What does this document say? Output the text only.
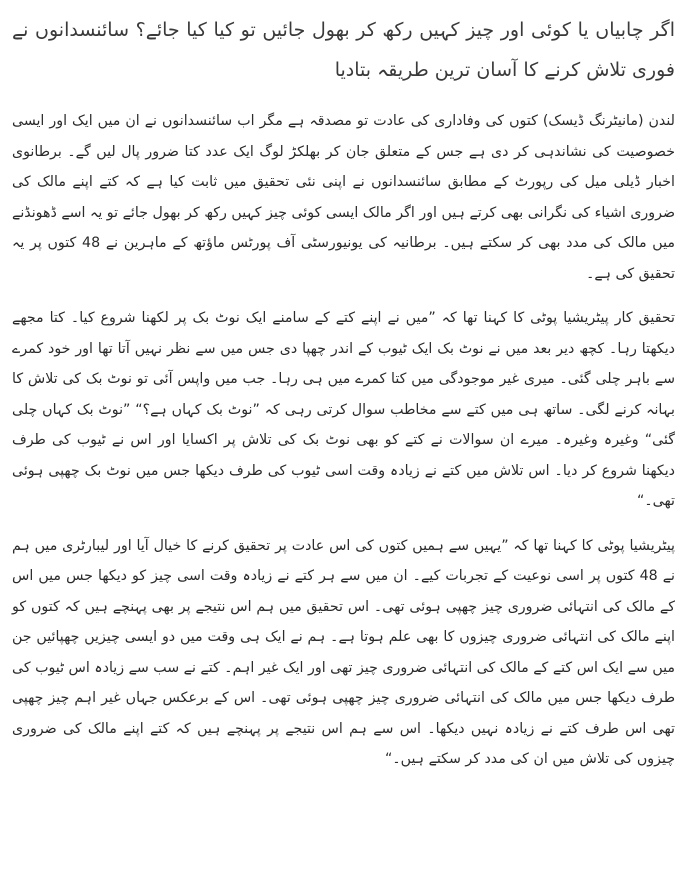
اگر چابیاں یا کوئی اور چیز کہیں رکھ کر بھول جائیں تو کیا کیا جائے؟ سائنسدانوں نے فوری تلاش کرنے کا آسان ترین طریقہ بتادیا

لندن (مانیٹرنگ ڈیسک) کتوں کی وفاداری کی عادت تو مصدقہ ہے مگر اب سائنسدانوں نے ان میں ایک اور ایسی خصوصیت کی نشاندہی کر دی ہے جس کے متعلق جان کر بھلکڑ لوگ ایک عدد کتا ضرور پال لیں گے۔ برطانوی اخبار ڈیلی میل کی رپورٹ کے مطابق سائنسدانوں نے اپنی نئی تحقیق میں ثابت کیا ہے کہ کتے اپنے مالک کی ضروری اشیاء کی نگرانی بھی کرتے ہیں اور اگر مالک ایسی کوئی چیز کہیں رکھ کر بھول جائے تو یہ اسے ڈھونڈنے میں مالک کی مدد بھی کر سکتے ہیں۔ برطانیہ کی یونیورسٹی آف پورٹس ماؤتھ کے ماہرین نے 48 کتوں پر یہ تحقیق کی ہے۔

تحقیق کار پیٹریشیا پوٹی کا کہنا تھا کہ ”میں نے اپنے کتے کے سامنے ایک نوٹ بک پر لکھنا شروع کیا۔ کتا مجھے دیکھتا رہا۔ کچھ دیر بعد میں نے نوٹ بک ایک ٹیوب کے اندر چھپا دی جس میں سے نظر نہیں آتا تھا اور خود کمرے سے باہر چلی گئی۔ میری غیر موجودگی میں کتا کمرے میں ہی رہا۔ جب میں واپس آئی تو نوٹ بک کی تلاش کا بہانہ کرنے لگی۔ ساتھ ہی میں کتے سے مخاطب سوال کرتی رہی کہ ”نوٹ بک کہاں ہے؟“ ”نوٹ بک کہاں چلی گئی“ وغیرہ وغیرہ۔ میرے ان سوالات نے کتے کو بھی نوٹ بک کی تلاش پر اکسایا اور اس نے ٹیوب کی طرف دیکھنا شروع کر دیا۔ اس تلاش میں کتے نے زیادہ وقت اسی ٹیوب کی طرف دیکھا جس میں نوٹ بک چھپی ہوئی تھی۔“

پیٹریشیا پوٹی کا کہنا تھا کہ ”یہیں سے ہمیں کتوں کی اس عادت پر تحقیق کرنے کا خیال آیا اور لیبارٹری میں ہم نے 48 کتوں پر اسی نوعیت کے تجربات کیے۔ ان میں سے ہر کتے نے زیادہ وقت اسی چیز کو دیکھا جس میں اس کے مالک کی انتہائی ضروری چیز چھپی ہوئی تھی۔ اس تحقیق میں ہم اس نتیجے پر بھی پہنچے ہیں کہ کتوں کو اپنے مالک کی انتہائی ضروری چیزوں کا بھی علم ہوتا ہے۔ ہم نے ایک ہی وقت میں دو ایسی چیزیں چھپائیں جن میں سے ایک اس کتے کے مالک کی انتہائی ضروری چیز تھی اور ایک غیر اہم۔ کتے نے سب سے زیادہ اس ٹیوب کی طرف دیکھا جس میں مالک کی انتہائی ضروری چیز چھپی ہوئی تھی۔ اس کے برعکس جہاں غیر اہم چیز چھپی تھی اس طرف کتے نے زیادہ نہیں دیکھا۔ اس سے ہم اس نتیجے پر پہنچے ہیں کہ کتے اپنے مالک کی ضروری چیزوں کی تلاش میں ان کی مدد کر سکتے ہیں۔“
